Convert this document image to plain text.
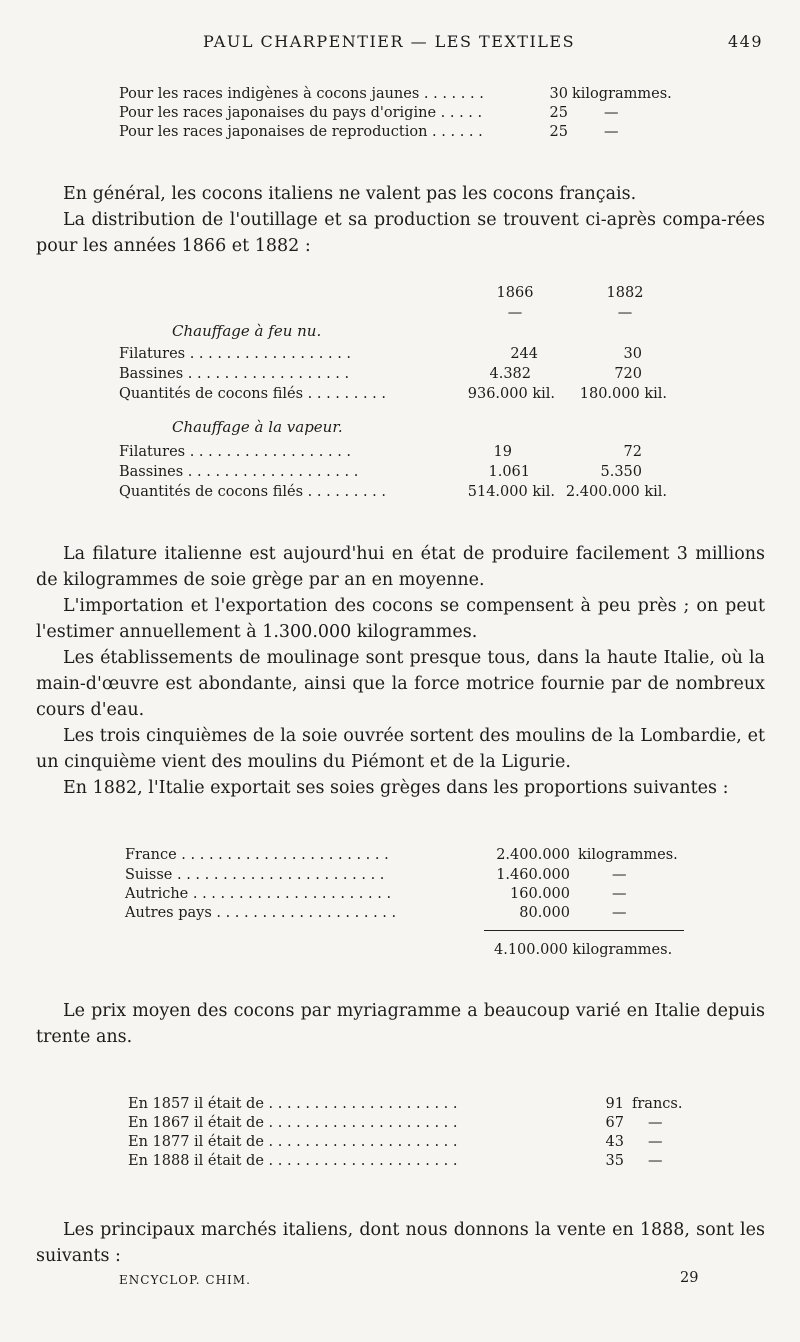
PAUL CHARPENTIER — LES TEXTILES	449
Pour les races indigènes à cocons jaunes . . . . . . .	30 kilogrammes.
Pour les races japonaises du pays d'origine . . . . .	25 —
Pour les races japonaises de reproduction . . . . . .	25 —

En général, les cocons italiens ne valent pas les cocons français.

La distribution de l'outillage et sa production se trouvent ci-après compa-rées pour les années 1866 et 1882 :

1866	1882
—	—
Chauffage à feu nu.
Filatures . . . . . . . . . . . . . . . . . .	244	30
Bassines . . . . . . . . . . . . . . . . . .	4.382	720
Quantités de cocons filés . . . . . . . . .	936.000 kil.	180.000 kil.
Chauffage à la vapeur.
Filatures . . . . . . . . . . . . . . . . . .	19	72
Bassines . . . . . . . . . . . . . . . . . . .	1.061	5.350
Quantités de cocons filés . . . . . . . . .	514.000 kil. 2.400.000 kil.

La filature italienne est aujourd'hui en état de produire facilement 3 millions de kilogrammes de soie grège par an en moyenne.

L'importation et l'exportation des cocons se compensent à peu près ; on peut l'estimer annuellement à 1.300.000 kilogrammes.

Les établissements de moulinage sont presque tous, dans la haute Italie, où la main-d'œuvre est abondante, ainsi que la force motrice fournie par de nombreux cours d'eau.

Les trois cinquièmes de la soie ouvrée sortent des moulins de la Lombardie, et un cinquième vient des moulins du Piémont et de la Ligurie.

En 1882, l'Italie exportait ses soies grèges dans les proportions suivantes :

France . . . . . . . . . . . . . . . . . . . . . . .	2.400.000 kilogrammes.
Suisse . . . . . . . . . . . . . . . . . . . . . . .	1.460.000	—
Autriche . . . . . . . . . . . . . . . . . . . . . .	160.000	—
Autres pays . . . . . . . . . . . . . . . . . . . .	80.000	—
4.100.000 kilogrammes.

Le prix moyen des cocons par myriagramme a beaucoup varié en Italie depuis trente ans.

En 1857 il était de . . . . . . . . . . . . . . . . . . . . .	91 francs.
En 1867 il était de . . . . . . . . . . . . . . . . . . . . .	67 —
En 1877 il était de . . . . . . . . . . . . . . . . . . . . .	43 —
En 1888 il était de . . . . . . . . . . . . . . . . . . . . .	35 —

Les principaux marchés italiens, dont nous donnons la vente en 1888, sont les suivants :

ENCYCLOP. CHIM.	29
